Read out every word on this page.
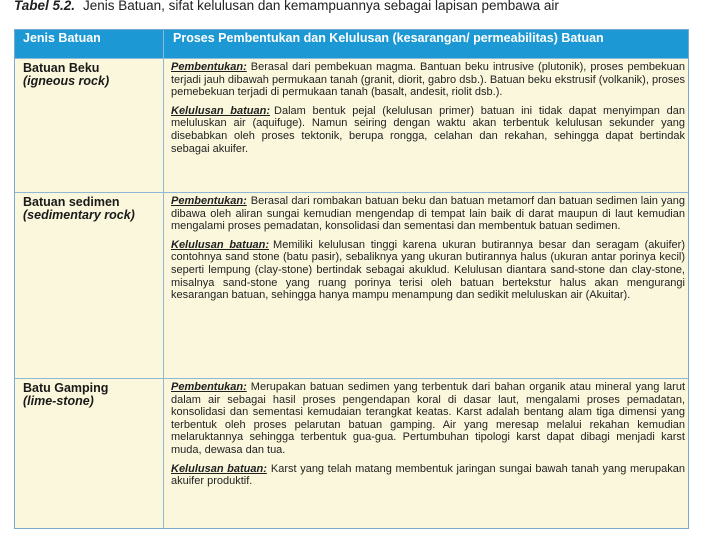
Tabel 5.2. Jenis Batuan, sifat kelulusan dan kemampuannya sebagai lapisan pembawa air
Jenis Batuan	Proses Pembentukan dan Kelulusan (kesarangan/ permeabilitas) Batuan
Batuan Beku
(igneous rock)

Pembentukan: Berasal dari pembekuan magma. Bantuan beku intrusive (plutonik), proses pembekuan terjadi jauh dibawah permukaan tanah (granit, diorit, gabro dsb.). Batuan beku ekstrusif (volkanik), proses pemebekuan terjadi di permukaan tanah (basalt, andesit, riolit dsb.).

Kelulusan batuan: Dalam bentuk pejal (kelulusan primer) batuan ini tidak dapat menyimpan dan meluluskan air (aquifuge). Namun seiring dengan waktu akan terbentuk kelulusan sekunder yang disebabkan oleh proses tektonik, berupa rongga, celahan dan rekahan, sehingga dapat bertindak sebagai akuifer.

Batuan sedimen
(sedimentary rock)

Pembentukan: Berasal dari rombakan batuan beku dan batuan metamorf dan batuan sedimen lain yang dibawa oleh aliran sungai kemudian mengendap di tempat lain baik di darat maupun di laut kemudian mengalami proses pemadatan, konsolidasi dan sementasi dan membentuk batuan sedimen.

Kelulusan batuan: Memiliki kelulusan tinggi karena ukuran butirannya besar dan seragam (akuifer) contohnya sand stone (batu pasir), sebaliknya yang ukuran butirannya halus (ukuran antar porinya kecil) seperti lempung (clay-stone) bertindak sebagai akuklud. Kelulusan diantara sand-stone dan clay-stone, misalnya sand-stone yang ruang porinya terisi oleh batuan bertekstur halus akan mengurangi kesarangan batuan, sehingga hanya mampu menampung dan sedikit meluluskan air (Akuitar).

Batu Gamping
(lime-stone)

Pembentukan: Merupakan batuan sedimen yang terbentuk dari bahan organik atau mineral yang larut dalam air sebagai hasil proses pengendapan koral di dasar laut, mengalami proses pemadatan, konsolidasi dan sementasi kemudaian terangkat keatas. Karst adalah bentang alam tiga dimensi yang terbentuk oleh proses pelarutan batuan gamping. Air yang meresap melalui rekahan kemudian melaruktannya sehingga terbentuk gua-gua. Pertumbuhan tipologi karst dapat dibagi menjadi karst muda, dewasa dan tua.

Kelulusan batuan: Karst yang telah matang membentuk jaringan sungai bawah tanah yang merupakan akuifer produktif.
